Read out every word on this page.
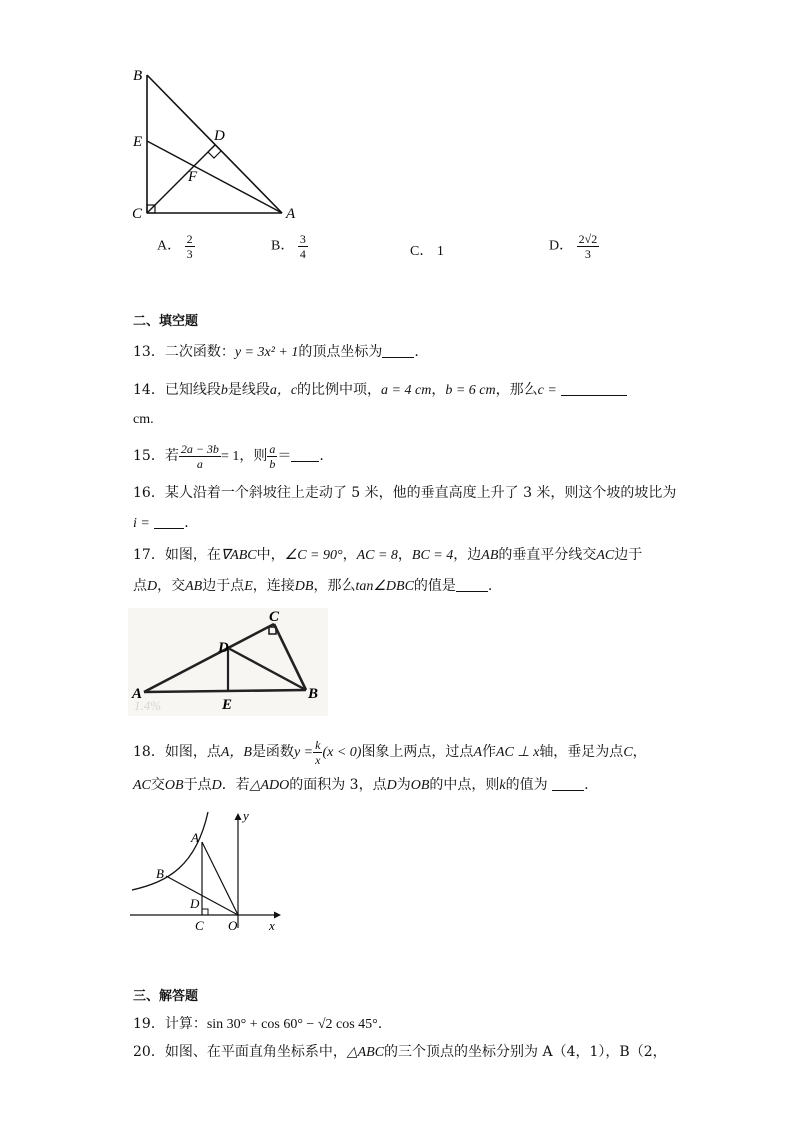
B
E	D
F
C	A
A． $\frac{2}{3}$	B． $\frac{3}{4}$	C． 1	D． $\frac{2√2}{3}$
二、填空题
13．二次函数：y = 3x² + 1的顶点坐标为 .
14．已知线段b是线段a，c的比例中项，a = 4 cm，b = 6 cm，那么c =
cm.
15．若 $\frac{2a - 3b}{a} = 1$，则 $\frac{a}{b}$ ＝ .
16．某人沿着一个斜坡往上走动了 5 米，他的垂直高度上升了 3 米，则这个坡的坡比为
i = .
17．如图，在∇ABC中，∠C = 90°，AC = 8，BC = 4，边AB的垂直平分线交AC边于
点D，交AB边于点E，连接DB，那么tan∠DBC的值是 .
1.4%
C
D
A
E
B
18．如图，点A，B是函数$y = \frac{k}{x} (x < 0)$图象上两点，过点A作AC ⊥ x轴，垂足为点C，
AC交OB于点D．若△ADO的面积为 3，点D为OB的中点，则k的值为	.
y
A
B
D
C O x
三、解答题
19．计算：sin 30° + cos 60° − √2 cos 45°.
20．如图、在平面直角坐标系中，△ABC的三个顶点的坐标分别为 A（4，1），B（2，
